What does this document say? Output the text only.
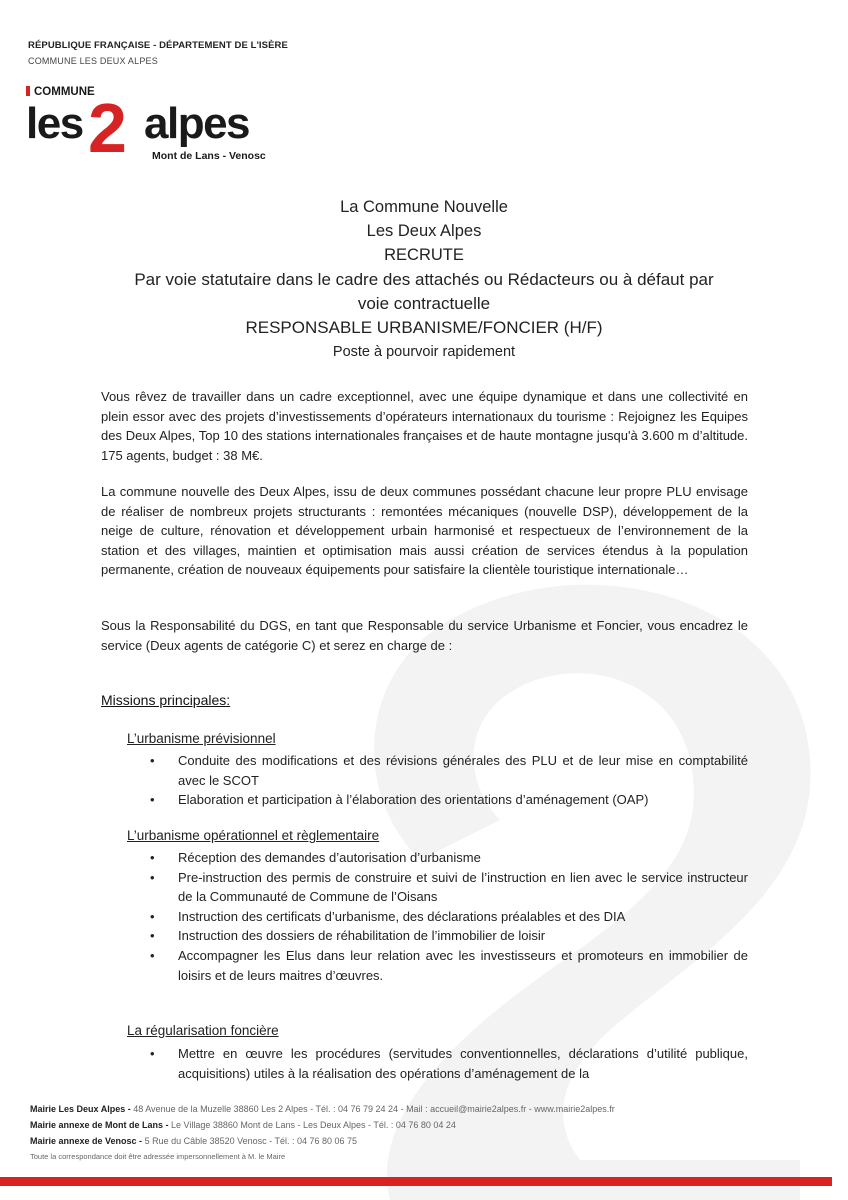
RÉPUBLIQUE FRANÇAISE - DÉPARTEMENT DE L'ISÈRE
COMMUNE LES DEUX ALPES
COMMUNE
les 2 alpes
Mont de Lans - Venosc
La Commune Nouvelle
Les Deux Alpes
RECRUTE
Par voie statutaire dans le cadre des attachés ou Rédacteurs ou à défaut par
voie contractuelle
RESPONSABLE URBANISME/FONCIER (H/F)
Poste à pourvoir rapidement

Vous rêvez de travailler dans un cadre exceptionnel, avec une équipe dynamique et dans une collectivité en plein essor avec des projets d’investissements d’opérateurs internationaux du tourisme : Rejoignez les Equipes des Deux Alpes, Top 10 des stations internationales françaises et de haute montagne jusqu'à 3.600 m d’altitude. 175 agents, budget : 38 M€.

La commune nouvelle des Deux Alpes, issu de deux communes possédant chacune leur propre PLU envisage de réaliser de nombreux projets structurants : remontées mécaniques (nouvelle DSP), développement de la neige de culture, rénovation et développement urbain harmonisé et respectueux de l’environnement de la station et des villages, maintien et optimisation mais aussi création de services étendus à la population permanente, création de nouveaux équipements pour satisfaire la clientèle touristique internationale…

Sous la Responsabilité du DGS, en tant que Responsable du service Urbanisme et Foncier, vous encadrez le service (Deux agents de catégorie C) et serez en charge de :

Missions principales:
L’urbanisme prévisionnel
• Conduite des modifications et des révisions générales des PLU et de leur mise en comptabilité avec le SCOT
• Elaboration et participation à l’élaboration des orientations d’aménagement (OAP)
L’urbanisme opérationnel et règlementaire
• Réception des demandes d’autorisation d’urbanisme
• Pre-instruction des permis de construire et suivi de l’instruction en lien avec le service instructeur de la Communauté de Commune de l’Oisans
• Instruction des certificats d’urbanisme, des déclarations préalables et des DIA
• Instruction des dossiers de réhabilitation de l’immobilier de loisir
• Accompagner les Elus dans leur relation avec les investisseurs et promoteurs en immobilier de loisirs et de leurs maitres d’œuvres.
La régularisation foncière
• Mettre en œuvre les procédures (servitudes conventionnelles, déclarations d’utilité publique, acquisitions) utiles à la réalisation des opérations d’aménagement de la
Mairie Les Deux Alpes - 48 Avenue de la Muzelle 38860 Les 2 Alpes - Tél. : 04 76 79 24 24 - Mail : accueil@mairie2alpes.fr - www.mairie2alpes.fr
Mairie annexe de Mont de Lans - Le Village 38860 Mont de Lans - Les Deux Alpes - Tél. : 04 76 80 04 24
Mairie annexe de Venosc - 5 Rue du Câble 38520 Venosc - Tél. : 04 76 80 06 75
Toute la correspondance doit être adressée impersonnellement à M. le Maire
